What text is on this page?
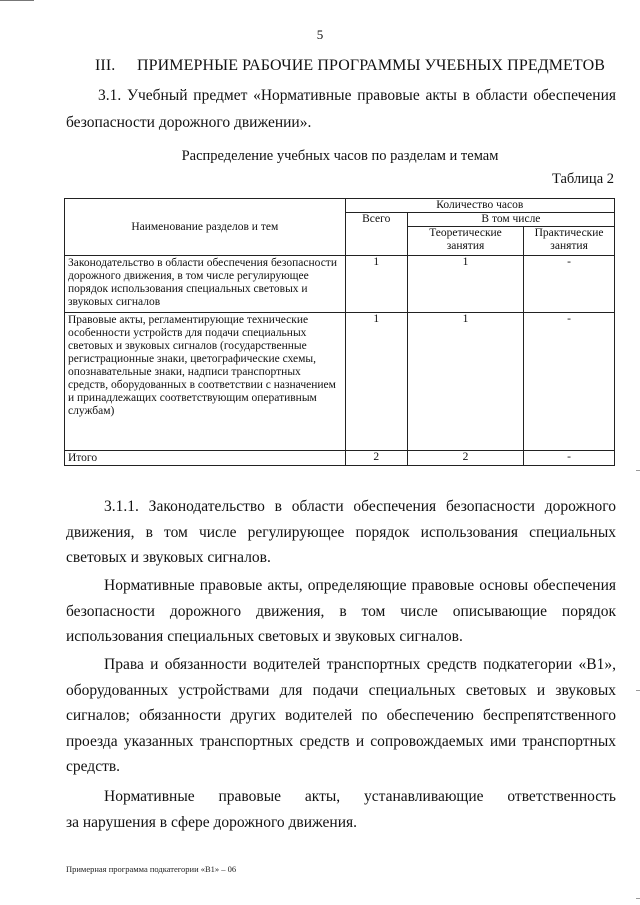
5
III. ПРИМЕРНЫЕ РАБОЧИЕ ПРОГРАММЫ УЧЕБНЫХ ПРЕДМЕТОВ
3.1. Учебный предмет «Нормативные правовые акты в области обеспечения
безопасности дорожного движении».
Распределение учебных часов по разделам и темам
Таблица 2
Наименование разделов и тем	Количество часов		
	Всего	В том числе	
		Теоретические занятия	Практические занятия
Законодательство в области обеспечения безопасности дорожного движения, в том числе регулирующее порядок использования специальных световых и звуковых сигналов	1	1	-
Правовые акты, регламентирующие технические особенности устройств для подачи специальных световых и звуковых сигналов (государственные регистрационные знаки, цветографические схемы, опознавательные знаки, надписи транспортных средств, оборудованных в соответствии с назначением и принадлежащих соответствующим оперативным службам)	1	1	-
Итого	2	2	-
3.1.1. Законодательство в области обеспечения безопасности дорожного
движения, в том числе регулирующее порядок использования специальных световых и звуковых сигналов.
Нормативные правовые акты, определяющие правовые основы обеспечения
безопасности дорожного движения, в том числе описывающие порядок использования специальных световых и звуковых сигналов.
Права и обязанности водителей транспортных средств подкатегории «В1»,
оборудованных устройствами для подачи специальных световых и звуковых сигналов; обязанности других водителей по обеспечению беспрепятственного проезда указанных транспортных средств и сопровождаемых ими транспортных средств.
Нормативные правовые акты, устанавливающие ответственность
за нарушения в сфере дорожного движения.
Примерная программа подкатегории «В1» – 06
